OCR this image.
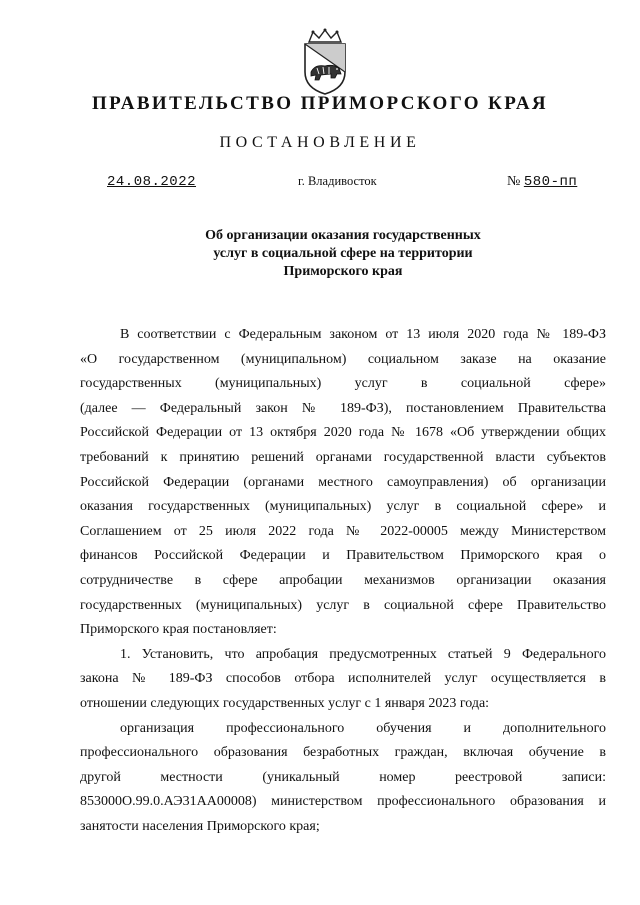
ПРАВИТЕЛЬСТВО ПРИМОРСКОГО КРАЯ
ПОСТАНОВЛЕНИЕ
24.08.2022	г. Владивосток	№ 580-пп
Об организации оказания государственных
услуг в социальной сфере на территории
Приморского края
В соответствии с Федеральным законом от 13 июля 2020 года № 189-ФЗ
«О государственном (муниципальном) социальном заказе на оказание
государственных (муниципальных) услуг в социальной сфере»
(далее — Федеральный закон № 189-ФЗ), постановлением Правительства
Российской Федерации от 13 октября 2020 года № 1678 «Об утверждении общих
требований к принятию решений органами государственной власти субъектов
Российской Федерации (органами местного самоуправления) об организации
оказания государственных (муниципальных) услуг в социальной сфере» и
Соглашением от 25 июля 2022 года № 2022-00005 между Министерством
финансов Российской Федерации и Правительством Приморского края о
сотрудничестве в сфере апробации механизмов организации оказания
государственных (муниципальных) услуг в социальной сфере Правительство
Приморского края постановляет:
1. Установить, что апробация предусмотренных статьей 9 Федерального
закона № 189-ФЗ способов отбора исполнителей услуг осуществляется в
отношении следующих государственных услуг с 1 января 2023 года:
организация профессионального обучения и дополнительного
профессионального образования безработных граждан, включая обучение в
другой местности (уникальный номер реестровой записи:
853000О.99.0.АЭ31АА00008) министерством профессионального образования и
занятости населения Приморского края;
